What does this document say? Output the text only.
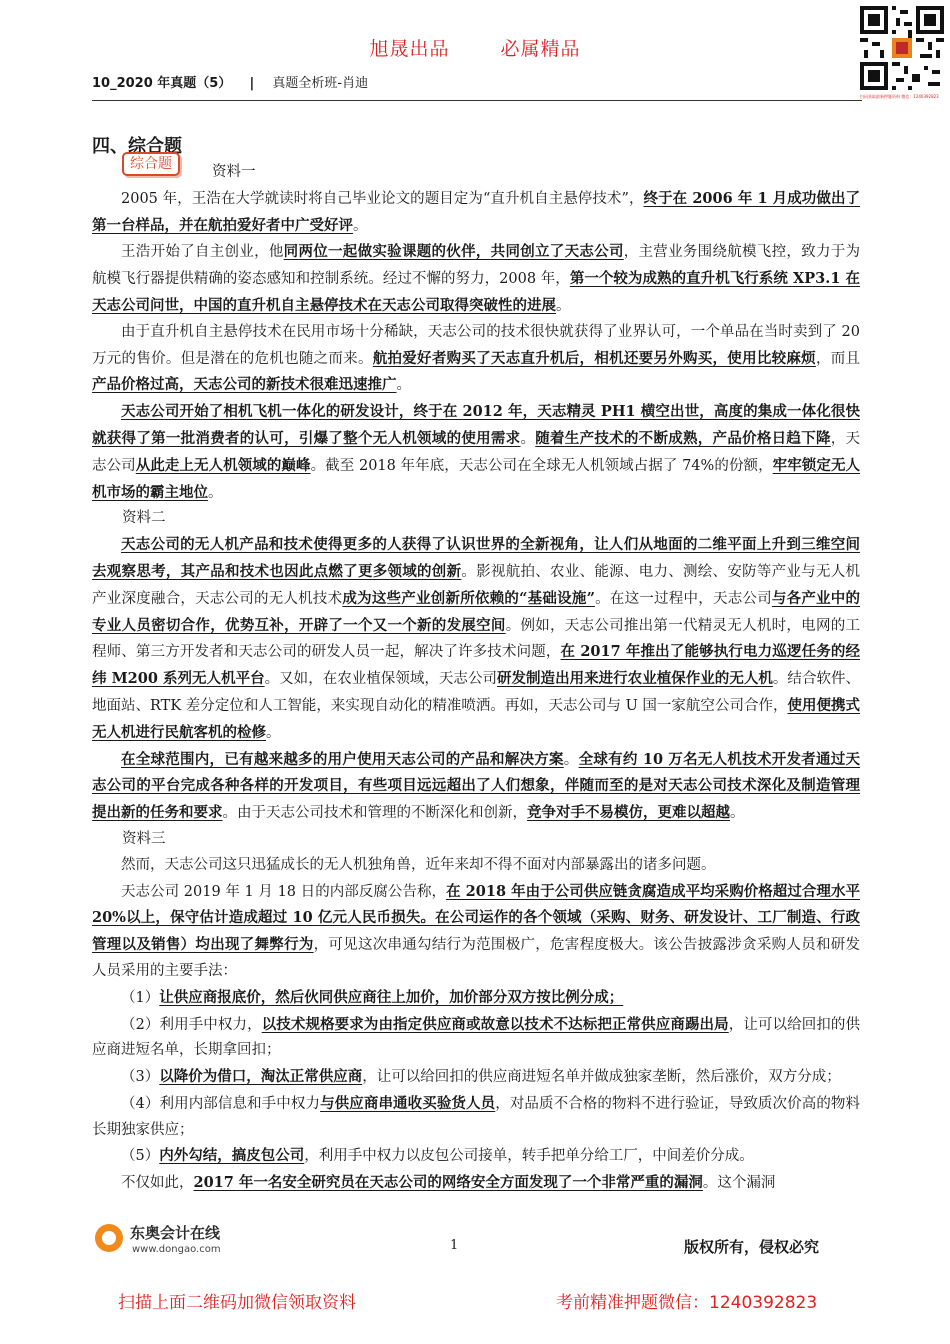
旭晟出品	必属精品
扫码获取最新押题资料 微信：1240392823
10_2020 年真题（5） | 真题全析班-肖迪
四、综合题
综合题	资料一

2005 年，王浩在大学就读时将自己毕业论文的题目定为“直升机自主悬停技术”，终于在 2006 年 1 月成功做出了第一台样品，并在航拍爱好者中广受好评。

王浩开始了自主创业，他同两位一起做实验课题的伙伴，共同创立了天志公司，主营业务围绕航模飞控，致力于为航模飞行器提供精确的姿态感知和控制系统。经过不懈的努力，2008 年，第一个较为成熟的直升机飞行系统 XP3.1 在天志公司问世，中国的直升机自主悬停技术在天志公司取得突破性的进展。

由于直升机自主悬停技术在民用市场十分稀缺，天志公司的技术很快就获得了业界认可，一个单品在当时卖到了 20 万元的售价。但是潜在的危机也随之而来。航拍爱好者购买了天志直升机后，相机还要另外购买，使用比较麻烦，而且产品价格过高，天志公司的新技术很难迅速推广。

天志公司开始了相机飞机一体化的研发设计，终于在 2012 年，天志精灵 PH1 横空出世，高度的集成一体化很快就获得了第一批消费者的认可，引爆了整个无人机领域的使用需求。随着生产技术的不断成熟，产品价格日趋下降，天志公司从此走上无人机领域的巅峰。截至 2018 年年底，天志公司在全球无人机领域占据了 74%的份额，牢牢锁定无人机市场的霸主地位。

资料二

天志公司的无人机产品和技术使得更多的人获得了认识世界的全新视角，让人们从地面的二维平面上升到三维空间去观察思考，其产品和技术也因此点燃了更多领域的创新。影视航拍、农业、能源、电力、测绘、安防等产业与无人机产业深度融合，天志公司的无人机技术成为这些产业创新所依赖的“基础设施”。在这一过程中，天志公司与各产业中的专业人员密切合作，优势互补，开辟了一个又一个新的发展空间。例如，天志公司推出第一代精灵无人机时，电网的工程师、第三方开发者和天志公司的研发人员一起，解决了许多技术问题，在 2017 年推出了能够执行电力巡逻任务的经纬 M200 系列无人机平台。又如，在农业植保领域，天志公司研发制造出用来进行农业植保作业的无人机。结合软件、地面站、RTK 差分定位和人工智能，来实现自动化的精准喷洒。再如，天志公司与 U 国一家航空公司合作，使用便携式无人机进行民航客机的检修。

在全球范围内，已有越来越多的用户使用天志公司的产品和解决方案。全球有约 10 万名无人机技术开发者通过天志公司的平台完成各种各样的开发项目，有些项目远远超出了人们想象，伴随而至的是对天志公司技术深化及制造管理提出新的任务和要求。由于天志公司技术和管理的不断深化和创新，竞争对手不易模仿，更难以超越。

资料三

然而，天志公司这只迅猛成长的无人机独角兽，近年来却不得不面对内部暴露出的诸多问题。

天志公司 2019 年 1 月 18 日的内部反腐公告称，在 2018 年由于公司供应链贪腐造成平均采购价格超过合理水平 20%以上，保守估计造成超过 10 亿元人民币损失。在公司运作的各个领域（采购、财务、研发设计、工厂制造、行政管理以及销售）均出现了舞弊行为，可见这次串通勾结行为范围极广，危害程度极大。该公告披露涉贪采购人员和研发人员采用的主要手法：

（1）让供应商报底价，然后伙同供应商往上加价，加价部分双方按比例分成；

（2）利用手中权力，以技术规格要求为由指定供应商或故意以技术不达标把正常供应商踢出局，让可以给回扣的供应商进短名单，长期拿回扣；

（3）以降价为借口，淘汰正常供应商，让可以给回扣的供应商进短名单并做成独家垄断，然后涨价，双方分成；

（4）利用内部信息和手中权力与供应商串通收买验货人员，对品质不合格的物料不进行验证，导致质次价高的物料长期独家供应；

（5）内外勾结，搞皮包公司，利用手中权力以皮包公司接单，转手把单分给工厂，中间差价分成。

不仅如此，2017 年一名安全研究员在天志公司的网络安全方面发现了一个非常严重的漏洞。这个漏洞

东奥会计在线
www.dongao.com	1	版权所有，侵权必究
扫描上面二维码加微信领取资料	考前精准押题微信：1240392823
